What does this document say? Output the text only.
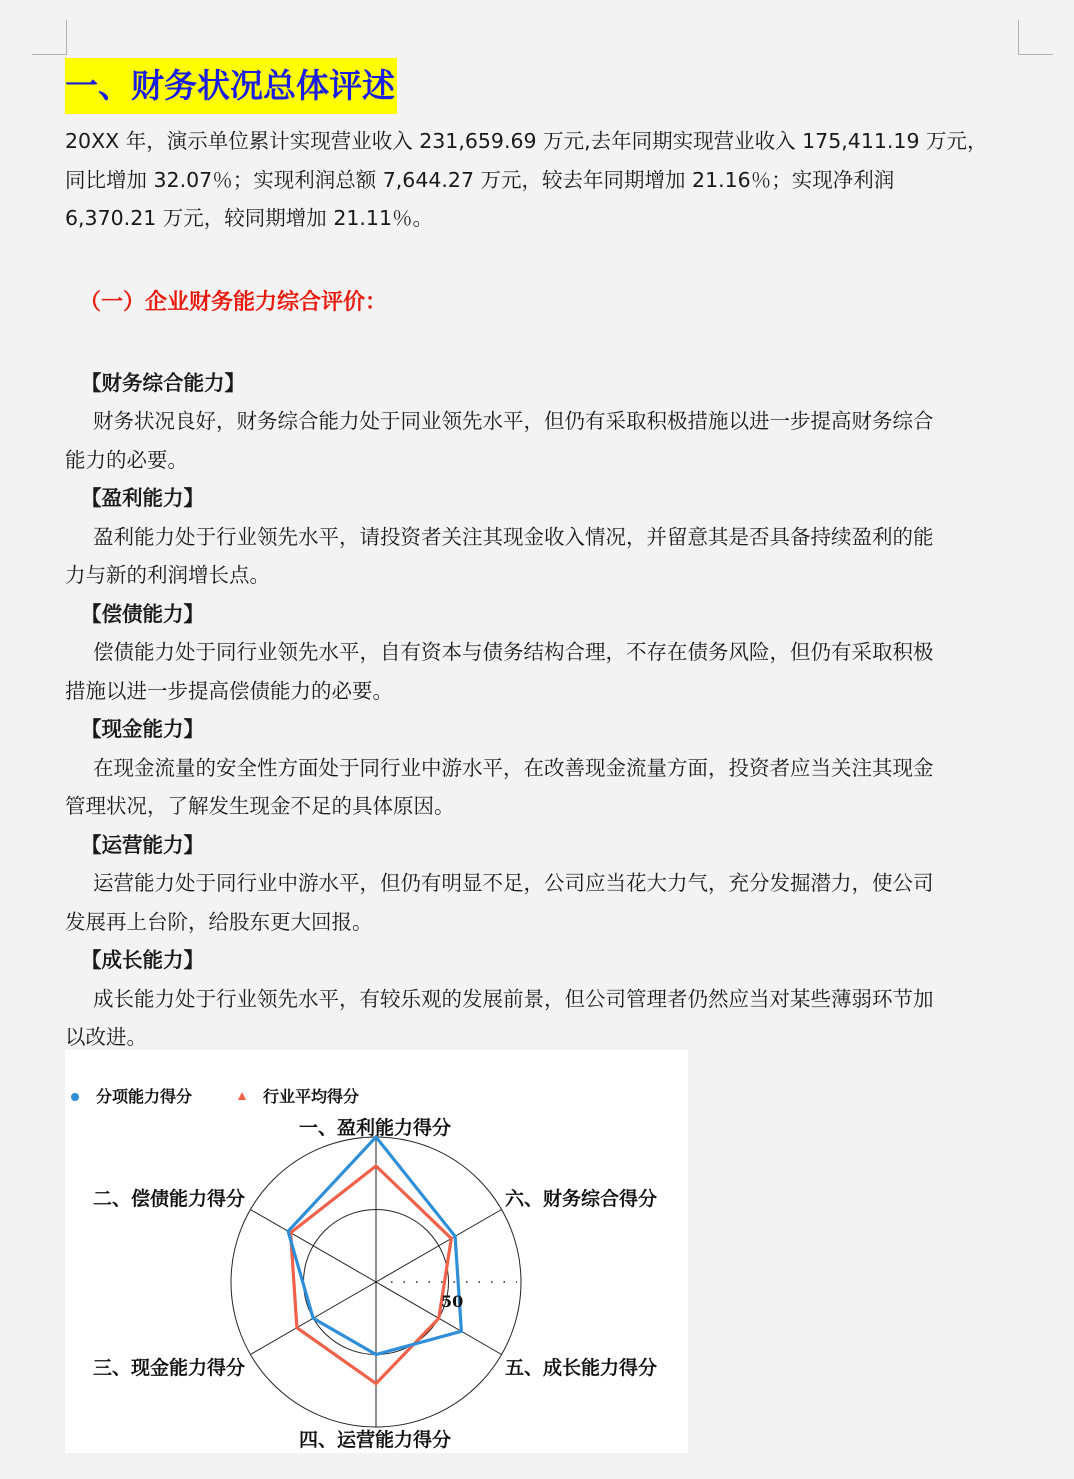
一、财务状况总体评述

20XX 年，演示单位累计实现营业收入 231,659.69 万元,去年同期实现营业收入 175,411.19 万元，

同比增加 32.07％；实现利润总额 7,644.27 万元，较去年同期增加 21.16％；实现净利润

6,370.21 万元，较同期增加 21.11％。

（一）企业财务能力综合评价：

【财务综合能力】

财务状况良好，财务综合能力处于同业领先水平，但仍有采取积极措施以进一步提高财务综合

能力的必要。

【盈利能力】

盈利能力处于行业领先水平，请投资者关注其现金收入情况，并留意其是否具备持续盈利的能

力与新的利润增长点。

【偿债能力】

偿债能力处于同行业领先水平，自有资本与债务结构合理，不存在债务风险，但仍有采取积极

措施以进一步提高偿债能力的必要。

【现金能力】

在现金流量的安全性方面处于同行业中游水平，在改善现金流量方面，投资者应当关注其现金

管理状况，了解发生现金不足的具体原因。

【运营能力】

运营能力处于同行业中游水平，但仍有明显不足，公司应当花大力气，充分发掘潜力，使公司

发展再上台阶，给股东更大回报。

【成长能力】

成长能力处于行业领先水平，有较乐观的发展前景，但公司管理者仍然应当对某些薄弱环节加

以改进。

分项能力得分	行业平均得分
一、盈利能力得分
六、财务综合得分
五、成长能力得分
四、运营能力得分
三、现金能力得分
二、偿债能力得分
50
